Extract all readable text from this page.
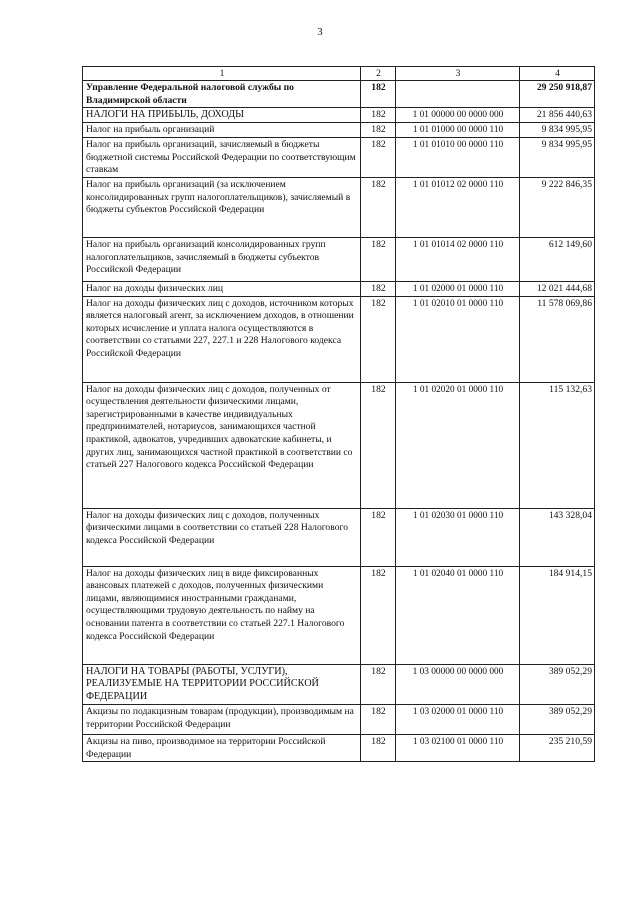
3
1	2	3	4
Управление Федеральной налоговой службы по Владимирской области	182		29 250 918,87
НАЛОГИ НА ПРИБЫЛЬ, ДОХОДЫ	182	1 01 00000 00 0000 000	21 856 440,63
Налог на прибыль организаций	182	1 01 01000 00 0000 110	9 834 995,95
Налог на прибыль организаций, зачисляемый в бюджеты бюджетной системы Российской Федерации по соответствующим ставкам	182	1 01 01010 00 0000 110	9 834 995,95
Налог на прибыль организаций (за исключением консолидированных групп налогоплательщиков), зачисляемый в бюджеты субъектов Российской Федерации	182	1 01 01012 02 0000 110	9 222 846,35
Налог на прибыль организаций консолидированных групп налогоплательщиков, зачисляемый в бюджеты субъектов Российской Федерации	182	1 01 01014 02 0000 110	612 149,60
Налог на доходы физических лиц	182	1 01 02000 01 0000 110	12 021 444,68
Налог на доходы физических лиц с доходов, источником которых является налоговый агент, за исключением доходов, в отношении которых исчисление и уплата налога осуществляются в соответствии со статьями 227, 227.1 и 228 Налогового кодекса Российской Федерации	182	1 01 02010 01 0000 110	11 578 069,86
Налог на доходы физических лиц с доходов, полученных от осуществления деятельности физическими лицами, зарегистрированными в качестве индивидуальных предпринимателей, нотариусов, занимающихся частной практикой, адвокатов, учредивших адвокатские кабинеты, и других лиц, занимающихся частной практикой в соответствии со статьей 227 Налогового кодекса Российской Федерации	182	1 01 02020 01 0000 110	115 132,63
Налог на доходы физических лиц с доходов, полученных физическими лицами в соответствии со статьей 228 Налогового кодекса Российской Федерации	182	1 01 02030 01 0000 110	143 328,04
Налог на доходы физических лиц в виде фиксированных авансовых платежей с доходов, полученных физическими лицами, являющимися иностранными гражданами, осуществляющими трудовую деятельность по найму на основании патента в соответствии со статьей 227.1 Налогового кодекса Российской Федерации	182	1 01 02040 01 0000 110	184 914,15
НАЛОГИ НА ТОВАРЫ (РАБОТЫ, УСЛУГИ), РЕАЛИЗУЕМЫЕ НА ТЕРРИТОРИИ РОССИЙСКОЙ ФЕДЕРАЦИИ	182	1 03 00000 00 0000 000	389 052,29
Акцизы по подакцизным товарам (продукции), производимым на территории Российской Федерации	182	1 03 02000 01 0000 110	389 052,29
Акцизы на пиво, производимое на территории Российской Федерации	182	1 03 02100 01 0000 110	235 210,59
